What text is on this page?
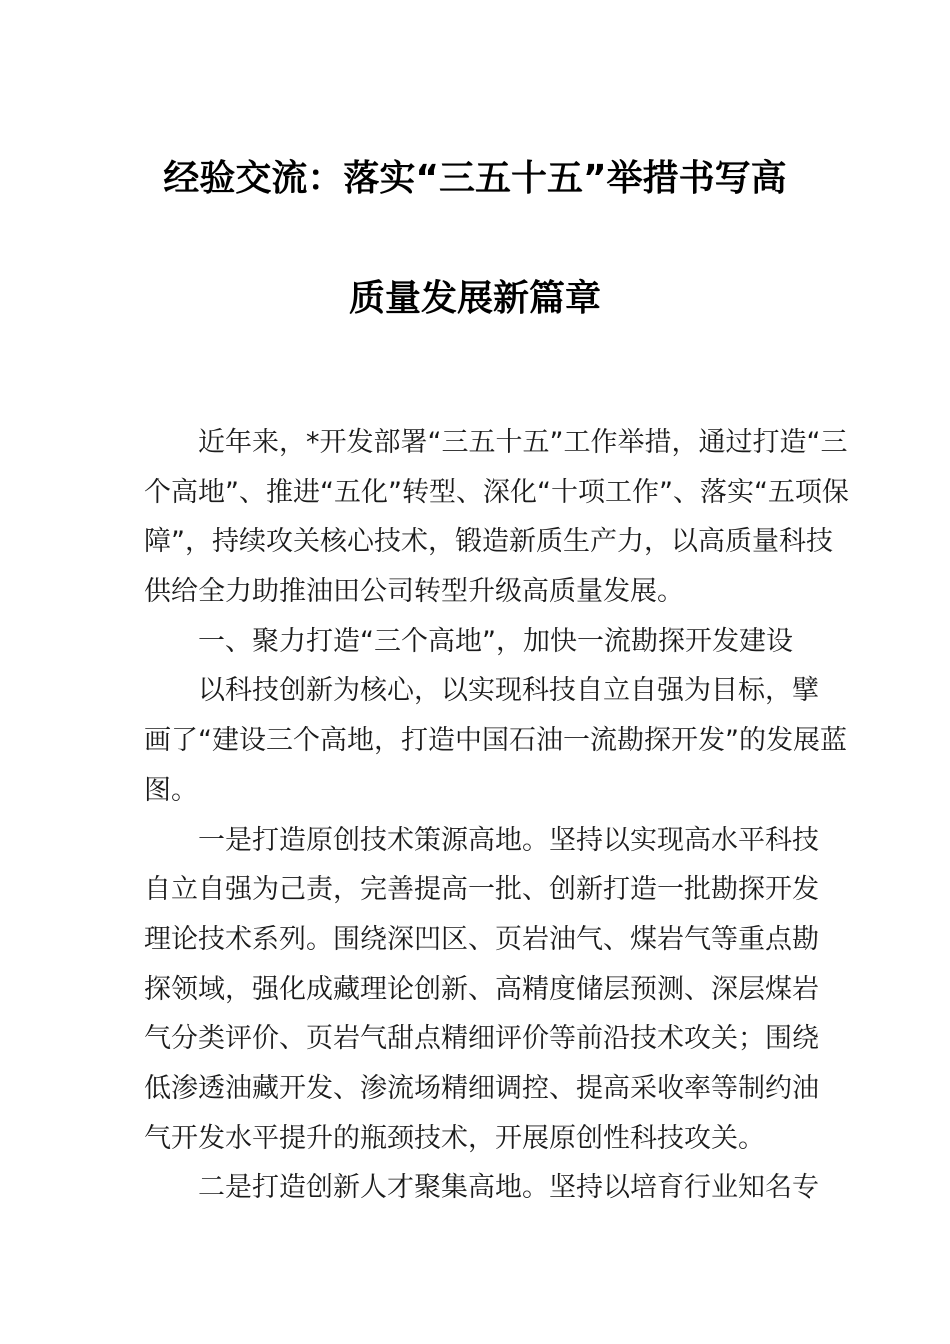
经验交流：落实“三五十五”举措书写高
质量发展新篇章
近年来，*开发部署“三五十五”工作举措，通过打造“三
个高地”、推进“五化”转型、深化“十项工作”、落实“五项保
障”，持续攻关核心技术，锻造新质生产力，以高质量科技
供给全力助推油田公司转型升级高质量发展。
一、聚力打造“三个高地”，加快一流勘探开发建设
以科技创新为核心，以实现科技自立自强为目标，擘
画了“建设三个高地，打造中国石油一流勘探开发”的发展蓝
图。
一是打造原创技术策源高地。坚持以实现高水平科技
自立自强为己责，完善提高一批、创新打造一批勘探开发
理论技术系列。围绕深凹区、页岩油气、煤岩气等重点勘
探领域，强化成藏理论创新、高精度储层预测、深层煤岩
气分类评价、页岩气甜点精细评价等前沿技术攻关；围绕
低渗透油藏开发、渗流场精细调控、提高采收率等制约油
气开发水平提升的瓶颈技术，开展原创性科技攻关。
二是打造创新人才聚集高地。坚持以培育行业知名专
